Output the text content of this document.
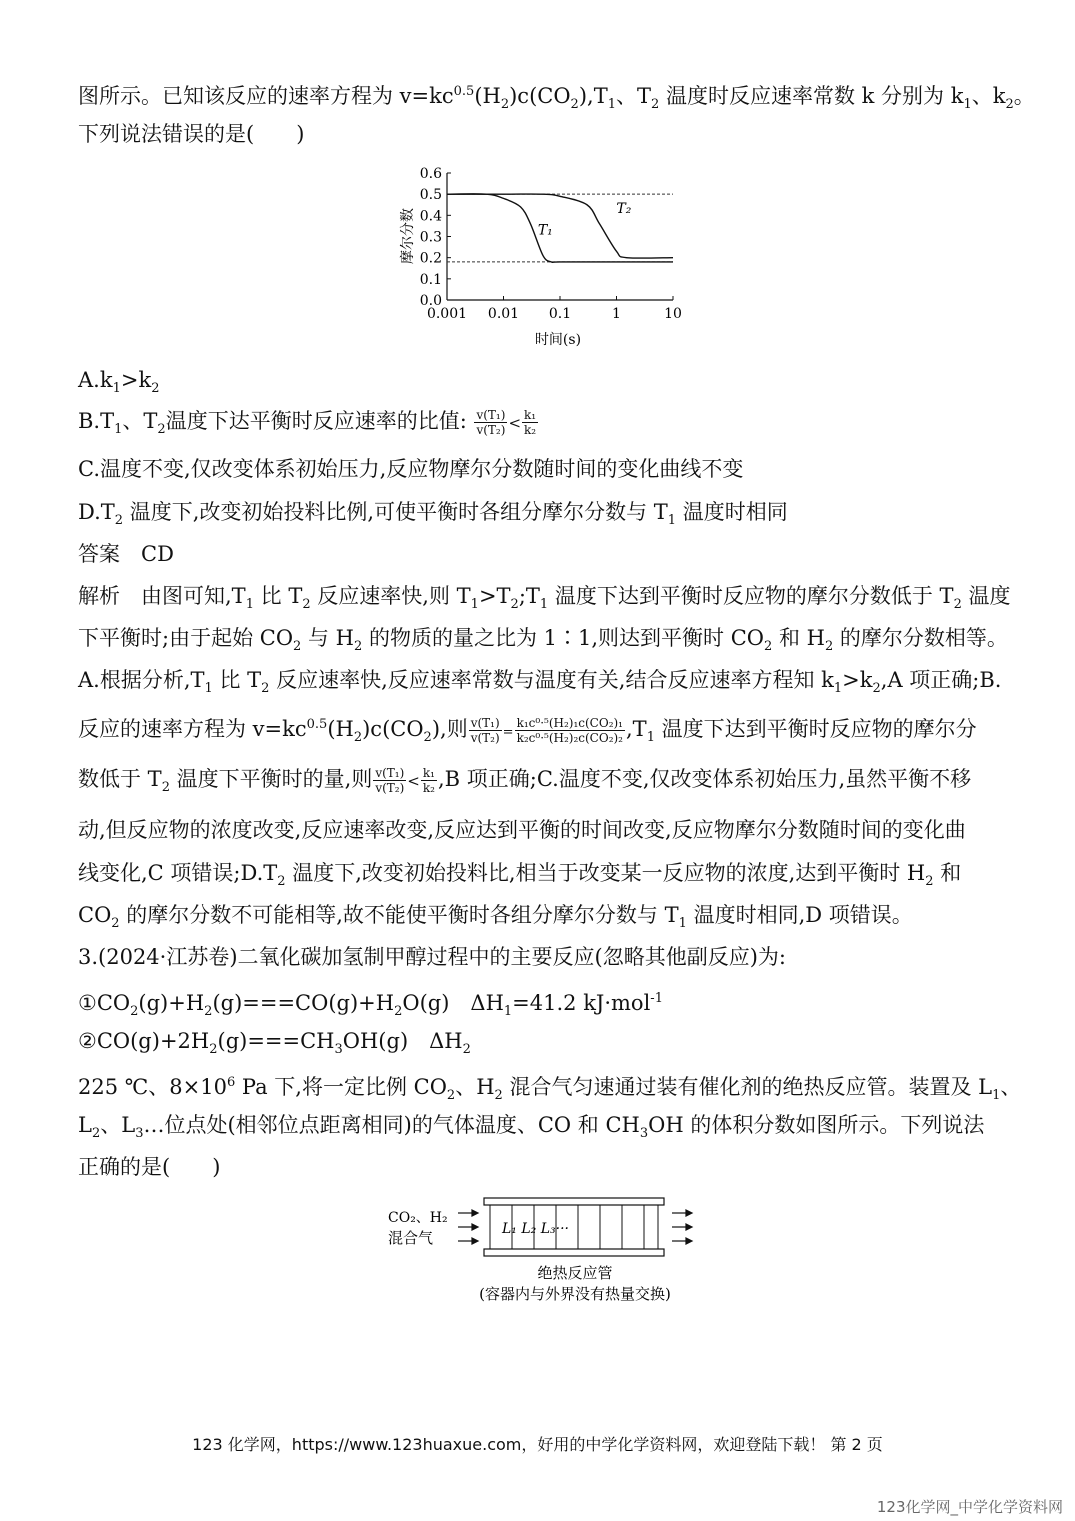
图所示。已知该反应的速率方程为 $v=kc^{0.5}(H_2)c(CO_2),T_1$、$T_2$ 温度时反应速率常数 k 分别为 $k_1$、$k_2$。
下列说法错误的是(　　)
0.0
0.1
0.2
0.3
0.4
0.5
0.6
0.001 0.01 0.1	1	10
T₁
T₂
时间(s)
摩尔分数
$A.k_1>k_2$
$B.T_1$、$T_2$温度下达平衡时反应速率的比值: $\frac{\text{v(T₁)}}{\text{v(T₂)}} < \frac{\text{k₁}}{\text{k₂}}$
C.温度不变,仅改变体系初始压力,反应物摩尔分数随时间的变化曲线不变
$D.T_2$ 温度下,改变初始投料比例,可使平衡时各组分摩尔分数与 $T_1$ 温度时相同
答案　CD
解析　由图可知$,T_1$ 比 $T_2$ 反应速率快,则 $T_1>T_2;T_1$ 温度下达到平衡时反应物的摩尔分数低于 $T_2$ 温度
下平衡时;由于起始 $CO_2$ 与 $H_2$ 的物质的量之比为 1∶1,则达到平衡时 $CO_2$ 和 $H_2$ 的摩尔分数相等。
A.根据分析$,T_1$ 比 $T_2$ 反应速率快,反应速率常数与温度有关,结合反应速率方程知 $k_1>k_2,A$ 项正确;B.
反应的速率方程为 $v=kc^{0.5}(H_2)c(CO_2)$,则 $\frac{\text{v(T₁)}}{\text{v(T₂)}} = \frac{\text{k₁c⁰·⁵(H₂)₁c(CO₂)₁}}{\text{k₂c⁰·⁵(H₂)₂c(CO₂)₂}} ,T_1$ 温度下达到平衡时反应物的摩尔分
数低于 $T_2$ 温度下平衡时的量,则 $\frac{\text{v(T₁)}}{\text{v(T₂)}} < \frac{\text{k₁}}{\text{k₂}} ,B$ 项正确;C.温度不变,仅改变体系初始压力,虽然平衡不移
动,但反应物的浓度改变,反应速率改变,反应达到平衡的时间改变,反应物摩尔分数随时间的变化曲
线变化,C 项错误$;D.T_2$ 温度下,改变初始投料比,相当于改变某一反应物的浓度,达到平衡时 $H_2$ 和
$CO_2$ 的摩尔分数不可能相等,故不能使平衡时各组分摩尔分数与 $T_1$ 温度时相同,D 项错误。
3.(2024·江苏卷)二氧化碳加氢制甲醇过程中的主要反应(忽略其他副反应)为:
$①CO_2(g)+H_2(g)===CO(g)+H_2O(g)$　$\Delta H_1=41.2$ kJ·mol$^{-1}$
$②CO(g)+2H_2(g)===CH_3OH(g)$　$\Delta H_2$
225 ℃、$8\times 10^6$ Pa 下,将一定比例 $CO_2$、$H_2$ 混合气匀速通过装有催化剂的绝热反应管。装置及 $L_1$、
$L_2$、$L_3\dots$位点处(相邻位点距离相同)的气体温度、CO 和 $CH_3OH$ 的体积分数如图所示。下列说法
正确的是(　　)
CO₂、H₂
混合气	L₁ L₂ L₃···
绝热反应管
(容器内与外界没有热量交换)
123 化学网，https://www.123huaxue.com，好用的中学化学资料网，欢迎登陆下载！ 第 2 页
123化学网_中学化学资料网
